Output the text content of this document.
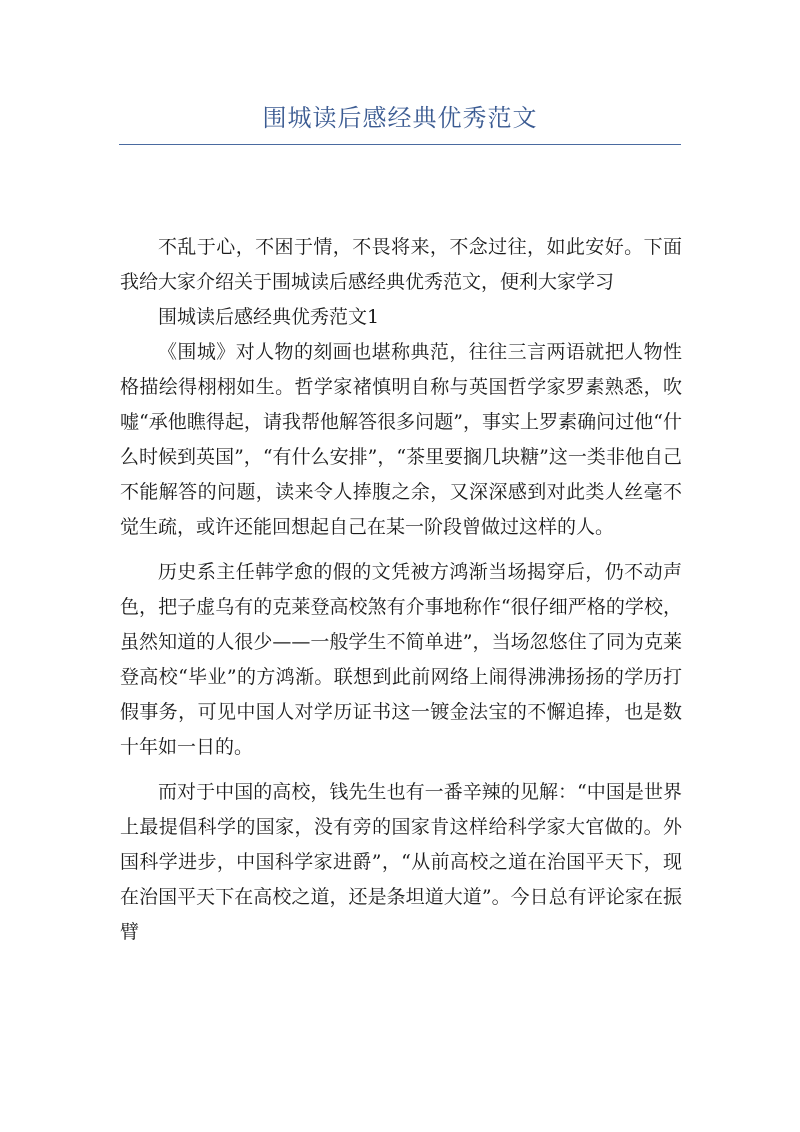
围城读后感经典优秀范文

不乱于心，不困于情，不畏将来，不念过往，如此安好。下面我给大家介绍关于围城读后感经典优秀范文，便利大家学习

围城读后感经典优秀范文1

《围城》对人物的刻画也堪称典范，往往三言两语就把人物性格描绘得栩栩如生。哲学家褚慎明自称与英国哲学家罗素熟悉，吹嘘“承他瞧得起，请我帮他解答很多问题”，事实上罗素确问过他“什么时候到英国”，“有什么安排”，“茶里要搁几块糖”这一类非他自己不能解答的问题，读来令人捧腹之余，又深深感到对此类人丝毫不觉生疏，或许还能回想起自己在某一阶段曾做过这样的人。

历史系主任韩学愈的假的文凭被方鸿渐当场揭穿后，仍不动声色，把子虚乌有的克莱登高校煞有介事地称作“很仔细严格的学校，虽然知道的人很少——一般学生不简单进”，当场忽悠住了同为克莱登高校“毕业”的方鸿渐。联想到此前网络上闹得沸沸扬扬的学历打假事务，可见中国人对学历证书这一镀金法宝的不懈追捧，也是数十年如一日的。

而对于中国的高校，钱先生也有一番辛辣的见解：“中国是世界上最提倡科学的国家，没有旁的国家肯这样给科学家大官做的。外国科学进步，中国科学家进爵”，“从前高校之道在治国平天下，现在治国平天下在高校之道，还是条坦道大道”。今日总有评论家在振臂
